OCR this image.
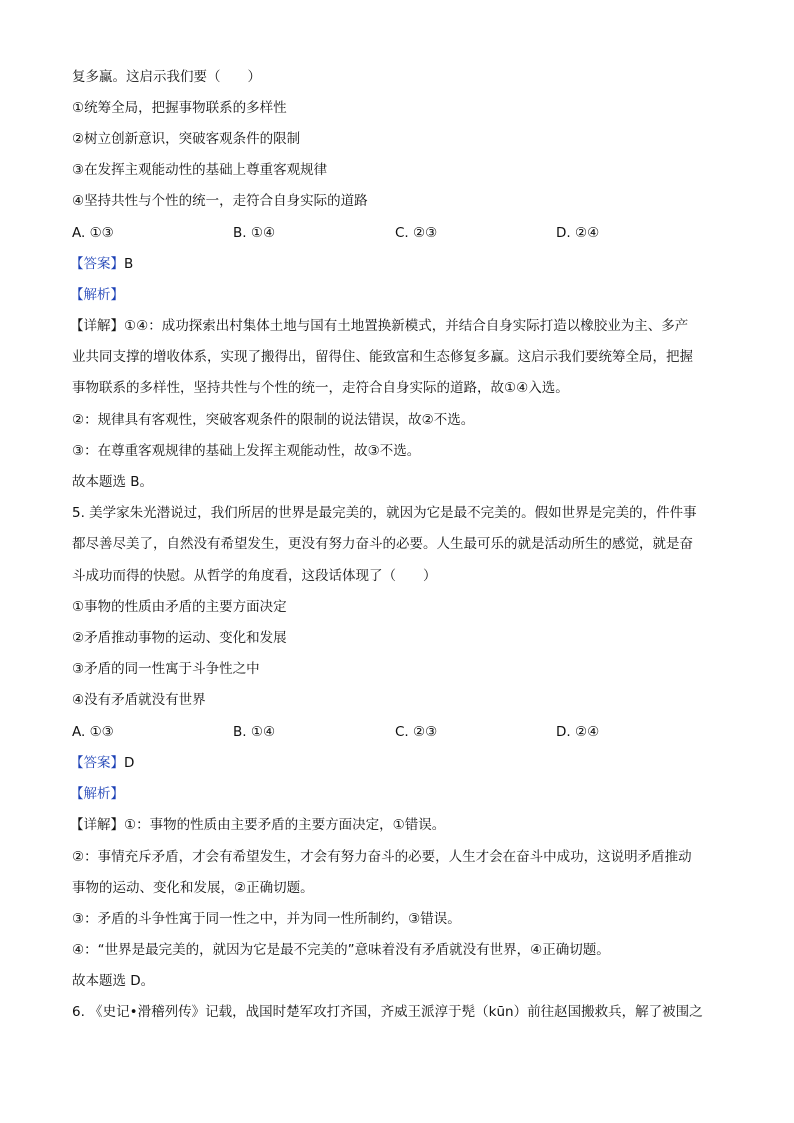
复多赢。这启示我们要（　　）
①统筹全局，把握事物联系的多样性
②树立创新意识，突破客观条件的限制
③在发挥主观能动性的基础上尊重客观规律
④坚持共性与个性的统一，走符合自身实际的道路
A. ①③	B. ①④	C. ②③	D. ②④
【答案】B
【解析】
【详解】①④：成功探索出村集体土地与国有土地置换新模式，并结合自身实际打造以橡胶业为主、多产
业共同支撑的增收体系，实现了搬得出，留得住、能致富和生态修复多赢。这启示我们要统筹全局，把握
事物联系的多样性，坚持共性与个性的统一，走符合自身实际的道路，故①④入选。
②：规律具有客观性，突破客观条件的限制的说法错误，故②不选。
③：在尊重客观规律的基础上发挥主观能动性，故③不选。
故本题选 B。
5. 美学家朱光潜说过，我们所居的世界是最完美的，就因为它是最不完美的。假如世界是完美的，件件事
都尽善尽美了，自然没有希望发生，更没有努力奋斗的必要。人生最可乐的就是活动所生的感觉，就是奋
斗成功而得的快慰。从哲学的角度看，这段话体现了（　　）
①事物的性质由矛盾的主要方面决定
②矛盾推动事物的运动、变化和发展
③矛盾的同一性寓于斗争性之中
④没有矛盾就没有世界
A. ①③	B. ①④	C. ②③	D. ②④
【答案】D
【解析】
【详解】①：事物的性质由主要矛盾的主要方面决定，①错误。
②：事情充斥矛盾，才会有希望发生，才会有努力奋斗的必要，人生才会在奋斗中成功，这说明矛盾推动
事物的运动、变化和发展，②正确切题。
③：矛盾的斗争性寓于同一性之中，并为同一性所制约，③错误。
④：“世界是最完美的，就因为它是最不完美的”意味着没有矛盾就没有世界，④正确切题。
故本题选 D。
6. 《史记•滑稽列传》记载，战国时楚军攻打齐国，齐威王派淳于髡（kūn）前往赵国搬救兵，解了被围之
